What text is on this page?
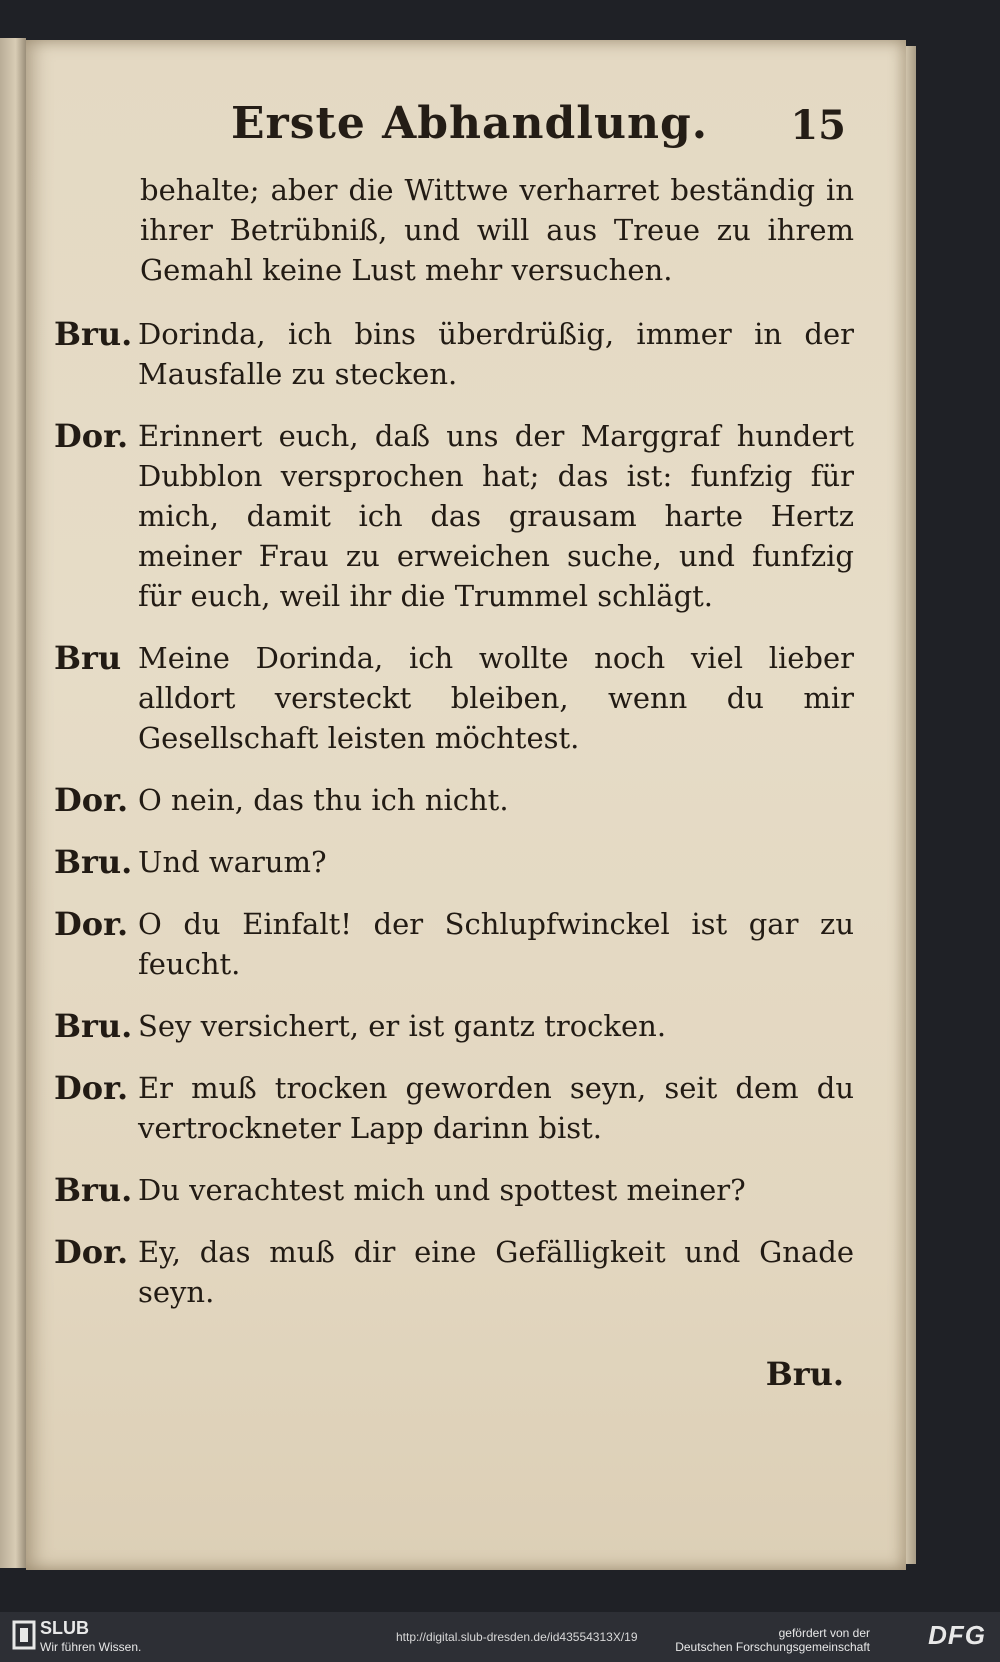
Erste Abhandlung. 15

behalte; aber die Wittwe verharret beständig in ihrer Betrübniß, und will aus Treue zu ihrem Gemahl keine Lust mehr versuchen.

Bru. Dorinda, ich bins überdrüßig, immer in der Mausfalle zu stecken.
Dor. Erinnert euch, daß uns der Marggraf hundert Dubblon versprochen hat; das ist: funfzig für mich, damit ich das grausam harte Hertz meiner Frau zu erweichen suche, und funfzig für euch, weil ihr die Trummel schlägt.
Bru Meine Dorinda, ich wollte noch viel lieber alldort versteckt bleiben, wenn du mir Gesellschaft leisten möchtest.
Dor. O nein, das thu ich nicht.
Bru. Und warum?
Dor. O du Einfalt! der Schlupfwinckel ist gar zu feucht.
Bru. Sey versichert, er ist gantz trocken.
Dor. Er muß trocken geworden seyn, seit dem du vertrockneter Lapp darinn bist.
Bru. Du verachtest mich und spottest meiner?
Dor. Ey, das muß dir eine Gefälligkeit und Gnade seyn.
Bru.
SLUB
Wir führen Wissen.
http://digital.slub-dresden.de/id43554313X/19	gefördert von der
Deutschen Forschungsgemeinschaft DFG
